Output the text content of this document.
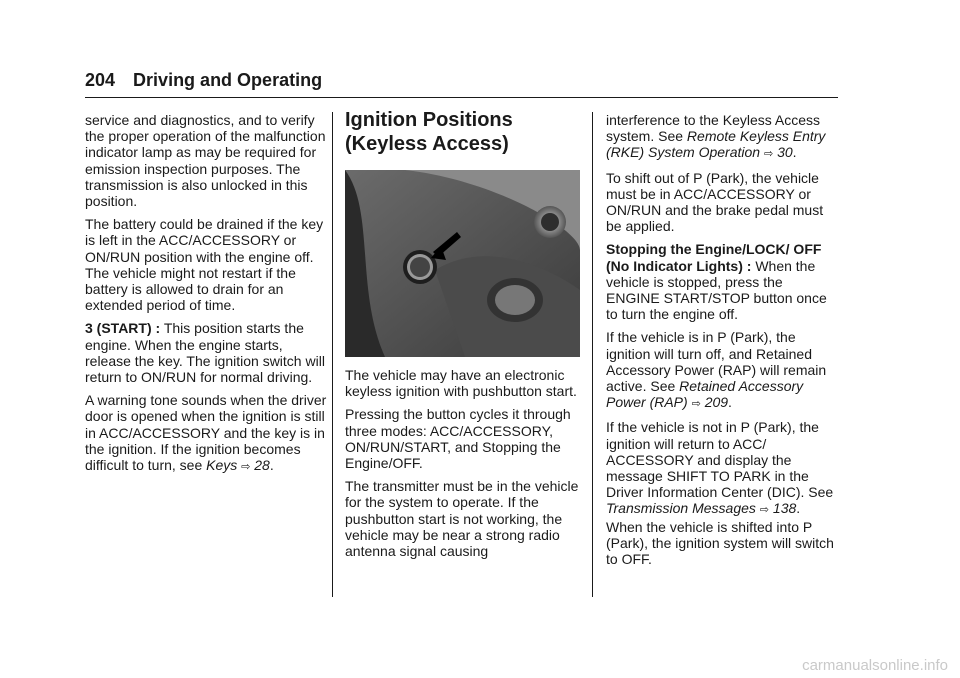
204 Driving and Operating

service and diagnostics, and to verify the proper operation of the malfunction indicator lamp as may be required for emission inspection purposes. The transmission is also unlocked in this position.

The battery could be drained if the key is left in the ACC/ACCESSORY or ON/RUN position with the engine off. The vehicle might not restart if the battery is allowed to drain for an extended period of time.

3 (START) : This position starts the engine. When the engine starts, release the key. The ignition switch will return to ON/RUN for normal driving.

A warning tone sounds when the driver door is opened when the ignition is still in ACC/ACCESSORY and the key is in the ignition. If the ignition becomes difficult to turn, see Keys ⇨ 28.

Ignition Positions
(Keyless Access)

The vehicle may have an electronic keyless ignition with pushbutton start.

Pressing the button cycles it through three modes: ACC/ACCESSORY, ON/RUN/START, and Stopping the Engine/OFF.

The transmitter must be in the vehicle for the system to operate. If the pushbutton start is not working, the vehicle may be near a strong radio antenna signal causing

interference to the Keyless Access system. See Remote Keyless Entry (RKE) System Operation ⇨ 30.

To shift out of P (Park), the vehicle must be in ACC/ACCESSORY or ON/RUN and the brake pedal must be applied.

Stopping the Engine/LOCK/ OFF (No Indicator Lights) : When the vehicle is stopped, press the ENGINE START/STOP button once to turn the engine off.

If the vehicle is in P (Park), the ignition will turn off, and Retained Accessory Power (RAP) will remain active. See Retained Accessory Power (RAP) ⇨ 209.

If the vehicle is not in P (Park), the ignition will return to ACC/ ACCESSORY and display the message SHIFT TO PARK in the Driver Information Center (DIC). See Transmission Messages ⇨ 138. When the vehicle is shifted into P (Park), the ignition system will switch to OFF.

carmanualsonline.info
